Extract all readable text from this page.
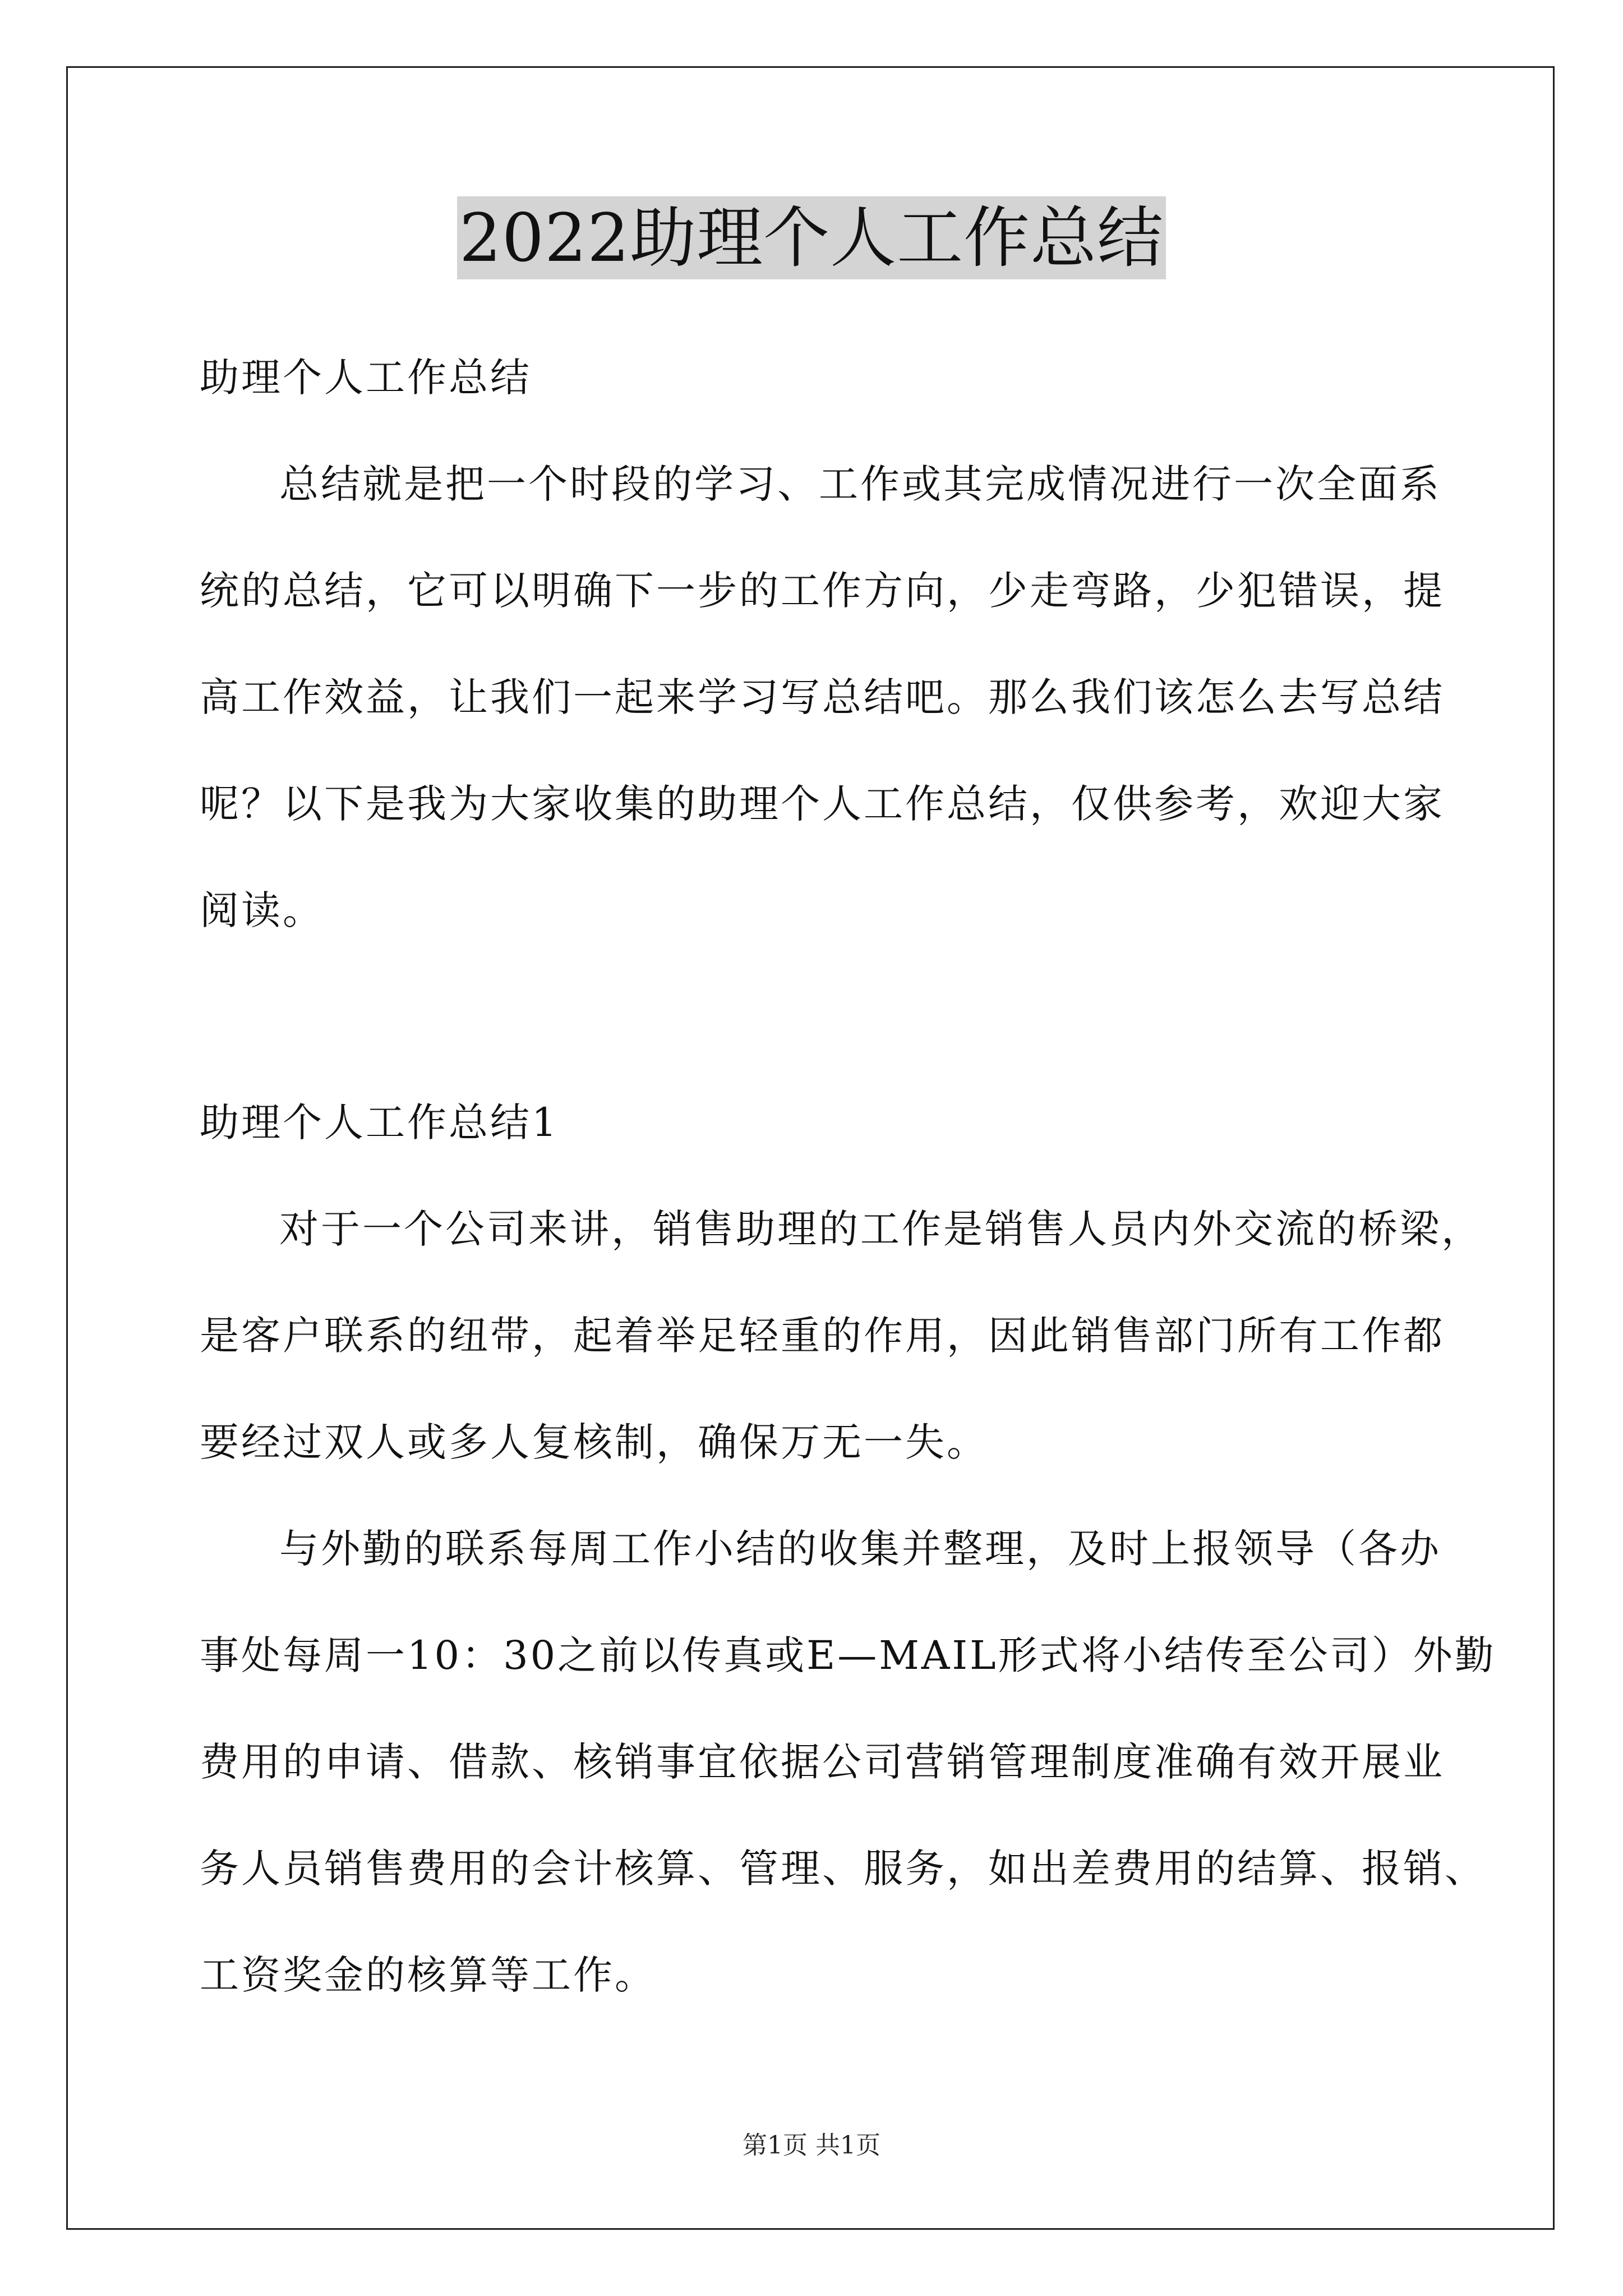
2022助理个人工作总结
助理个人工作总结
总结就是把一个时段的学习、工作或其完成情况进行一次全面系
统的总结，它可以明确下一步的工作方向，少走弯路，少犯错误，提
高工作效益，让我们一起来学习写总结吧。那么我们该怎么去写总结
呢？以下是我为大家收集的助理个人工作总结，仅供参考，欢迎大家
阅读。
助理个人工作总结1
对于一个公司来讲，销售助理的工作是销售人员内外交流的桥梁，
是客户联系的纽带，起着举足轻重的作用，因此销售部门所有工作都
要经过双人或多人复核制，确保万无一失。
与外勤的联系每周工作小结的收集并整理，及时上报领导（各办
事处每周一10：30之前以传真或E—MAIL形式将小结传至公司）外勤
费用的申请、借款、核销事宜依据公司营销管理制度准确有效开展业
务人员销售费用的会计核算、管理、服务，如出差费用的结算、报销、
工资奖金的核算等工作。
第1页 共1页
